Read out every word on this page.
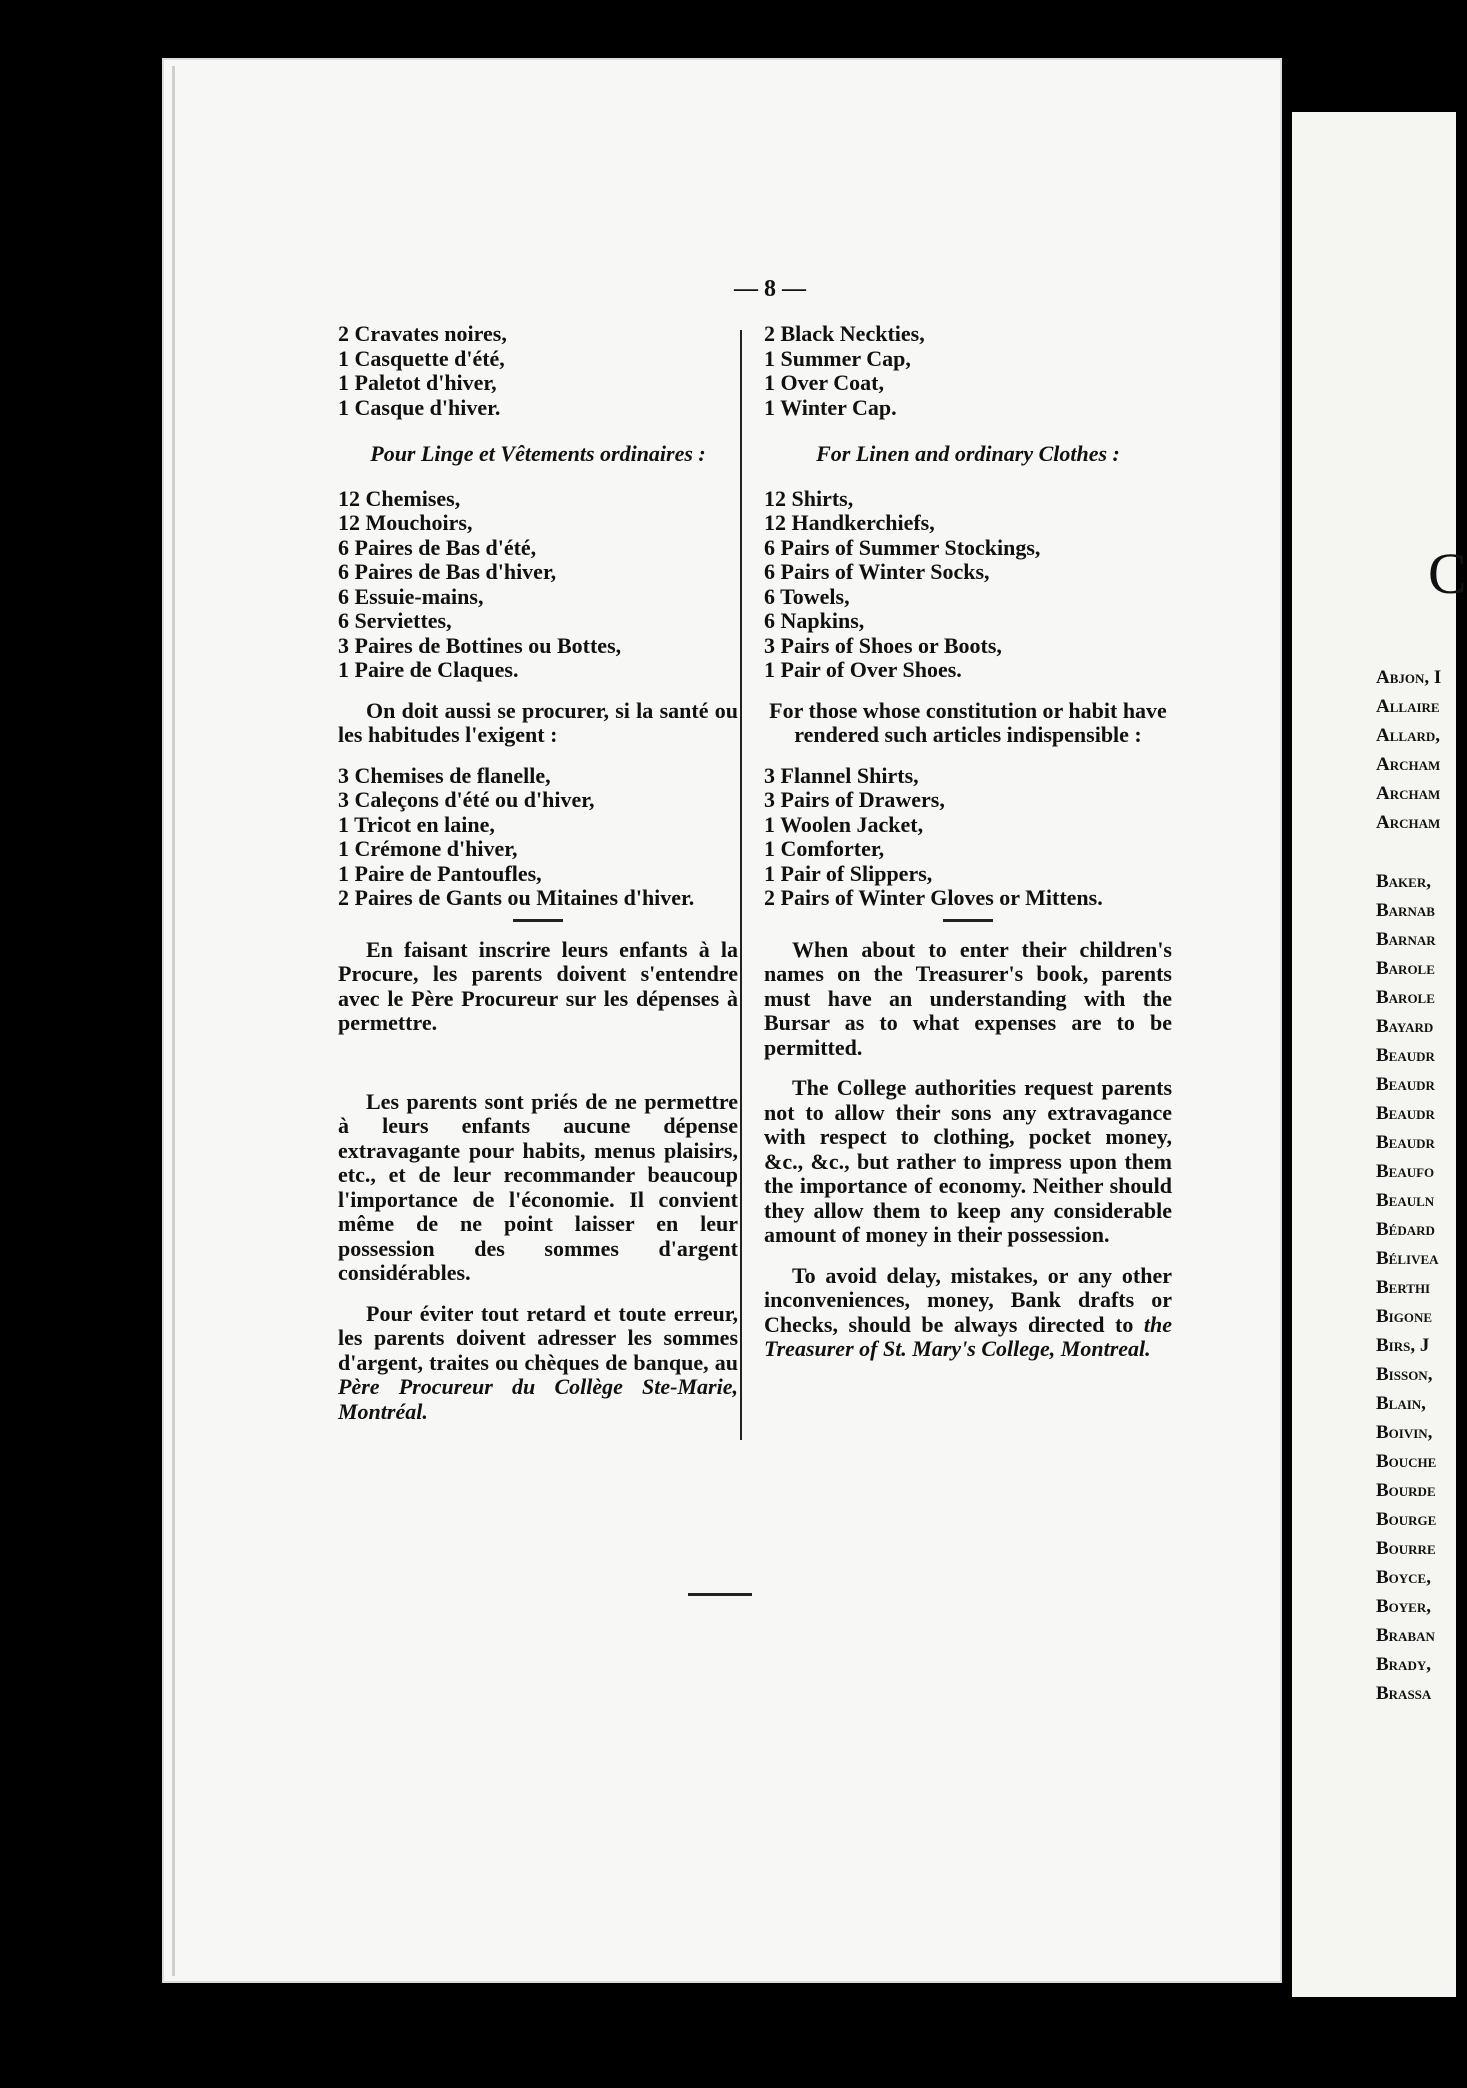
— 8 —
2 Cravates noires,
1 Casquette d'été,
1 Paletot d'hiver,
1 Casque d'hiver.
Pour Linge et Vêtements ordinaires :
12 Chemises,
12 Mouchoirs,
6 Paires de Bas d'été,
6 Paires de Bas d'hiver,
6 Essuie-mains,
6 Serviettes,
3 Paires de Bottines ou Bottes,
1 Paire de Claques.

On doit aussi se procurer, si la santé ou les habitudes l'exigent :

3 Chemises de flanelle,
3 Caleçons d'été ou d'hiver,
1 Tricot en laine,
1 Crémone d'hiver,
1 Paire de Pantoufles,
2 Paires de Gants ou Mitaines d'hiver.

En faisant inscrire leurs enfants à la Procure, les parents doivent s'entendre avec le Père Procureur sur les dépenses à permettre.

Les parents sont priés de ne permettre à leurs enfants aucune dépense extravagante pour habits, menus plaisirs, etc., et de leur recommander beaucoup l'importance de l'économie. Il convient même de ne point laisser en leur possession des sommes d'argent considérables.

Pour éviter tout retard et toute erreur, les parents doivent adresser les sommes d'argent, traites ou chèques de banque, au Père Procureur du Collège Ste-Marie, Montréal.

2 Black Neckties,
1 Summer Cap,
1 Over Coat,
1 Winter Cap.
For Linen and ordinary Clothes :
12 Shirts,
12 Handkerchiefs,
6 Pairs of Summer Stockings,
6 Pairs of Winter Socks,
6 Towels,
6 Napkins,
3 Pairs of Shoes or Boots,
1 Pair of Over Shoes.

For those whose constitution or habit have rendered such articles indispensible :

3 Flannel Shirts,
3 Pairs of Drawers,
1 Woolen Jacket,
1 Comforter,
1 Pair of Slippers,
2 Pairs of Winter Gloves or Mittens.

When about to enter their children's names on the Treasurer's book, parents must have an understanding with the Bursar as to what expenses are to be permitted.

The College authorities request parents not to allow their sons any extravagance with respect to clothing, pocket money, &c., &c., but rather to impress upon them the importance of economy. Neither should they allow them to keep any considerable amount of money in their possession.

To avoid delay, mistakes, or any other inconveniences, money, Bank drafts or Checks, should be always directed to the Treasurer of St. Mary's College, Montreal.

C
Abjon, I
Allaire
Allard,
Archam
Archam
Archam
Baker,
Barnab
Barnar
Barole
Barole
Bayard
Beaudr
Beaudr
Beaudr
Beaudr
Beaufo
Beauln
Bédard
Béliveа
Berthi
Bigone
Birs, J
Bisson,
Blain,
Boivin,
Bouche
Bourde
Bourge
Bourre
Boyce,
Boyer,
Braban
Brady,
Brassa
